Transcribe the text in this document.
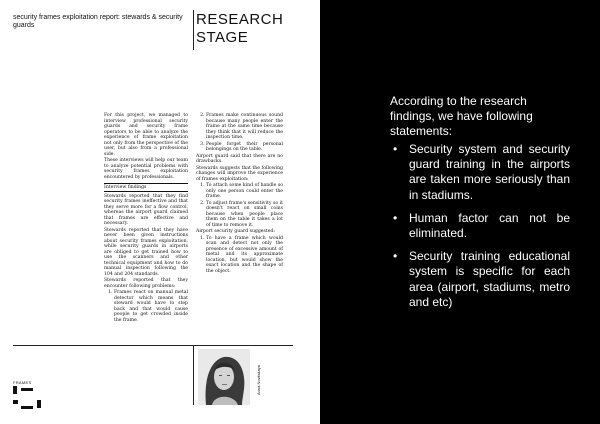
security frames exploitation report: stewards & security guards	RESEARCH STAGE

For this project, we managed to interview professional security guards and security frame operators to be able to analyze the experience of frame exploitation not only from the perspective of the user, but also from a professional side.

These interviews will help our team to analyze potential problems with security frames exploitation encountered by professionals.

Interview findings

Stewards reported that they find security frames ineffective and that they serve more for a flow control, whereas the airport guard claimed that frames are effective and necessary.

Stewards reported that they have never been given instructions about security frames exploitation, while security guards in airports are obliged to get trained how to use the scanners and other technical equipment and how to do manual inspection following the 104 and 204 standards.

Stewards reported that they encounter following problems:

1. Frames react on manual metal detector which means that steward would have to step back and that would cause people to get crowded inside the frame.
2. Frames make continuous sound because many people enter the frame at the same time because they think that it will reduce the inspection time.
3. People forget their personal belongings on the table.

Airport guard said that there are no drawbacks.

Stewards suggests that the following changes will improve the experience of frames exploitation:

1. To attach some kind of handle so only one person could enter the frame.
2. To adjust frame's sensitivity so it doesn't react on small coins because when people place them on the table it takes a lot of time to remove it.

Airport security guard suggested:

1. To have a frame which would scan and detect not only the presence of excessive amount of metal and its approximate location, but would show the exact location and the shape of the object.
FRAMES	Anna Novitskaya
According to the research findings, we have following statements:
• Security system and security guard training in the airports are taken more seriously than in stadiums.
• Human factor can not be eliminated.
• Security training educational system is specific for each area (airport, stadiums, metro and etc)
